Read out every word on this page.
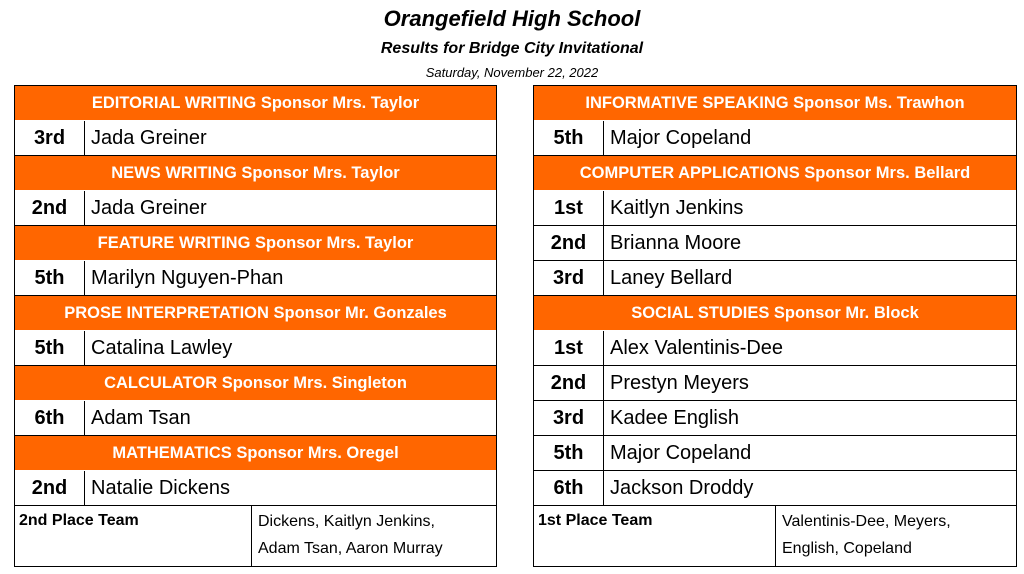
Orangefield High School
Results for Bridge City Invitational
Saturday, November 22, 2022
EDITORIAL WRITING Sponsor Mrs. Taylor
3rd	Jada Greiner
NEWS WRITING Sponsor Mrs. Taylor
2nd	Jada Greiner
FEATURE WRITING Sponsor Mrs. Taylor
5th	Marilyn Nguyen-Phan
PROSE INTERPRETATION Sponsor Mr. Gonzales
5th	Catalina Lawley
CALCULATOR Sponsor Mrs. Singleton
6th	Adam Tsan
MATHEMATICS Sponsor Mrs. Oregel
2nd	Natalie Dickens
2nd Place Team	Dickens, Kaitlyn Jenkins,
Adam Tsan, Aaron Murray
INFORMATIVE SPEAKING Sponsor Ms. Trawhon
5th	Major Copeland
COMPUTER APPLICATIONS Sponsor Mrs. Bellard
1st	Kaitlyn Jenkins
2nd	Brianna Moore
3rd	Laney Bellard
SOCIAL STUDIES Sponsor Mr. Block
1st	Alex Valentinis-Dee
2nd	Prestyn Meyers
3rd	Kadee English
5th	Major Copeland
6th	Jackson Droddy
1st Place Team	Valentinis-Dee, Meyers,
English, Copeland
